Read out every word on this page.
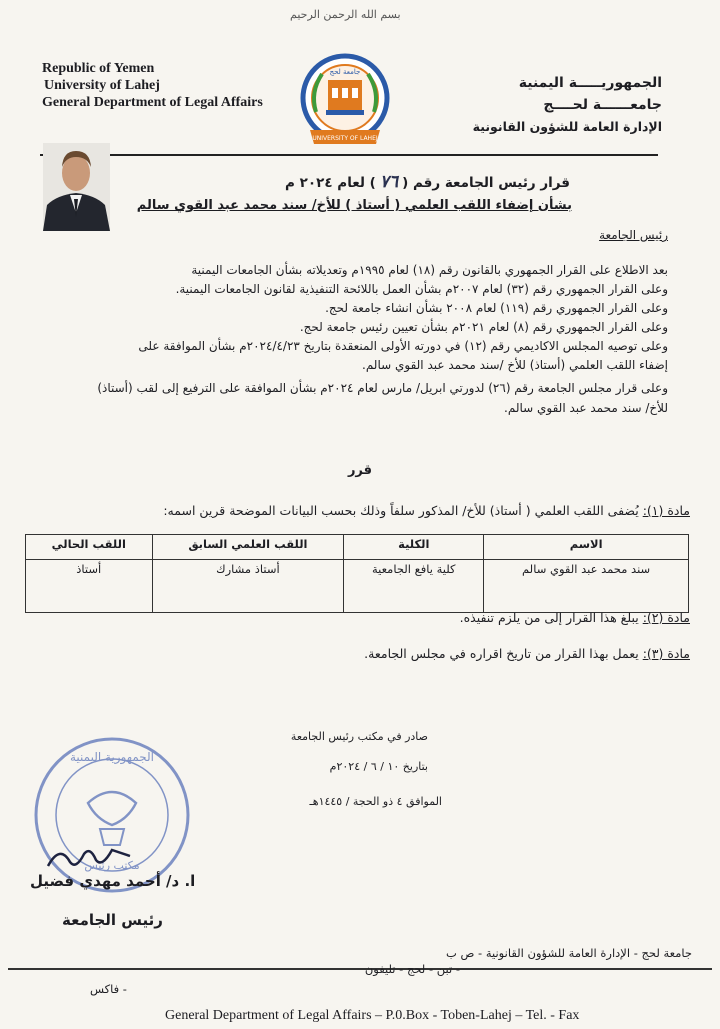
بسم الله الرحمن الرحيم
Republic of Yemen
University of Lahej
General Department of Legal Affairs
جامعة لحج
UNIVERSITY OF LAHEJ
الجمهوريـــــة اليمنية
جامعــــــة لحــــج
الإدارة العامة للشؤون القانونية
قرار رئيس الجامعة رقم (٧٦) لعام ٢٠٢٤ م
بشأن إضفاء اللقب العلمي ( أستاذ ) للأخ/ سند محمد عبد القوي سالم
رئيس الجامعة
بعد الاطلاع على القرار الجمهوري بالقانون رقم (١٨) لعام ١٩٩٥م وتعديلاته بشأن الجامعات اليمنية
وعلى القرار الجمهوري رقم (٣٢) لعام ٢٠٠٧م بشأن العمل باللائحة التنفيذية لقانون الجامعات اليمنية.
وعلى القرار الجمهوري رقم (١١٩) لعام ٢٠٠٨ بشأن انشاء جامعة لحج.
وعلى القرار الجمهوري رقم (٨) لعام ٢٠٢١م بشأن تعيين رئيس جامعة لحج.
وعلى توصيه المجلس الاكاديمي رقم (١٢) في دورته الأولى المنعقدة بتاريخ ٢٠٢٤/٤/٢٣م بشأن الموافقة على
إضفاء اللقب العلمي (أستاذ) للأخ /سند محمد عبد القوي سالم.
وعلى قرار مجلس الجامعة رقم (٢٦) لدورتي ابريل/ مارس لعام ٢٠٢٤م بشأن الموافقة على الترفيع إلى لقب (أستاذ)
للأخ/ سند محمد عبد القوي سالم.
قرر
مادة (١): يُضفى اللقب العلمي ( أستاذ) للأخ/ المذكور سلفاً وذلك بحسب البيانات الموضحة قرين اسمه:
الاسم	الكلية	اللقب العلمي السابق	اللقب الحالي
سند محمد عبد القوي سالم	كلية يافع الجامعية	أستاذ مشارك	أستاذ
مادة (٢): يبلغ هذا القرار إلى من يلزم تنفيذه.
مادة (٣): يعمل بهذا القرار من تاريخ اقراره في مجلس الجامعة.
صادر في مكتب رئيس الجامعة
بتاريخ ١٠ / ٦ / ٢٠٢٤م
الموافق ٤ ذو الحجة / ١٤٤٥هـ
الجمهورية اليمنية
مكتب رئيس
ا. د/ أحمد مهدي فضيل
رئيس الجامعة
جامعة لحج - الإدارة العامة للشؤون القانونية - ص ب
- تبن - لحج - تليفون
- فاكس
General Department of Legal Affairs – P.0.Box - Toben-Lahej – Tel. - Fax
